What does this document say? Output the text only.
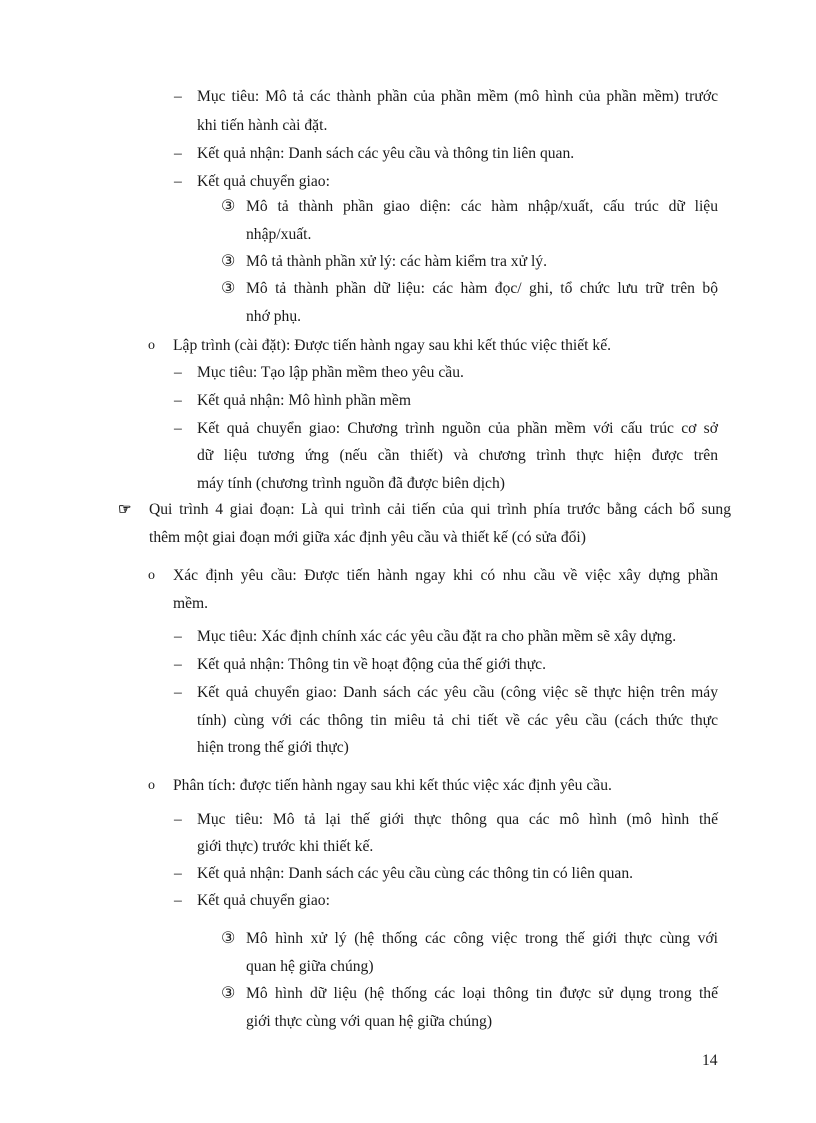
– Mục tiêu: Mô tả các thành phần của phần mềm (mô hình của phần mềm) trước
khi tiến hành cài đặt.
– Kết quả nhận: Danh sách các yêu cầu và thông tin liên quan.
– Kết quả chuyển giao:
③ Mô tả thành phần giao diện: các hàm nhập/xuất, cấu trúc dữ liệu
nhập/xuất.
③ Mô tả thành phần xử lý: các hàm kiểm tra xử lý.
③ Mô tả thành phần dữ liệu: các hàm đọc/ ghi, tổ chức lưu trữ trên bộ
nhớ phụ.
o Lập trình (cài đặt): Được tiến hành ngay sau khi kết thúc việc thiết kế.
– Mục tiêu: Tạo lập phần mềm theo yêu cầu.
– Kết quả nhận: Mô hình phần mềm
– Kết quả chuyển giao: Chương trình nguồn của phần mềm với cấu trúc cơ sở
dữ liệu tương ứng (nếu cần thiết) và chương trình thực hiện được trên
máy tính (chương trình nguồn đã được biên dịch)
☞ Qui trình 4 giai đoạn: Là qui trình cải tiến của qui trình phía trước bằng cách bổ sung
thêm một giai đoạn mới giữa xác định yêu cầu và thiết kế (có sửa đổi)
o Xác định yêu cầu: Được tiến hành ngay khi có nhu cầu về việc xây dựng phần
mềm.
– Mục tiêu: Xác định chính xác các yêu cầu đặt ra cho phần mềm sẽ xây dựng.
– Kết quả nhận: Thông tin về hoạt động của thế giới thực.
– Kết quả chuyển giao: Danh sách các yêu cầu (công việc sẽ thực hiện trên máy
tính) cùng với các thông tin miêu tả chi tiết về các yêu cầu (cách thức thực
hiện trong thế giới thực)
o Phân tích: được tiến hành ngay sau khi kết thúc việc xác định yêu cầu.
– Mục tiêu: Mô tả lại thế giới thực thông qua các mô hình (mô hình thế
giới thực) trước khi thiết kế.
– Kết quả nhận: Danh sách các yêu cầu cùng các thông tin có liên quan.
– Kết quả chuyển giao:
③ Mô hình xử lý (hệ thống các công việc trong thế giới thực cùng với
quan hệ giữa chúng)
③ Mô hình dữ liệu (hệ thống các loại thông tin được sử dụng trong thế
giới thực cùng với quan hệ giữa chúng)
14
